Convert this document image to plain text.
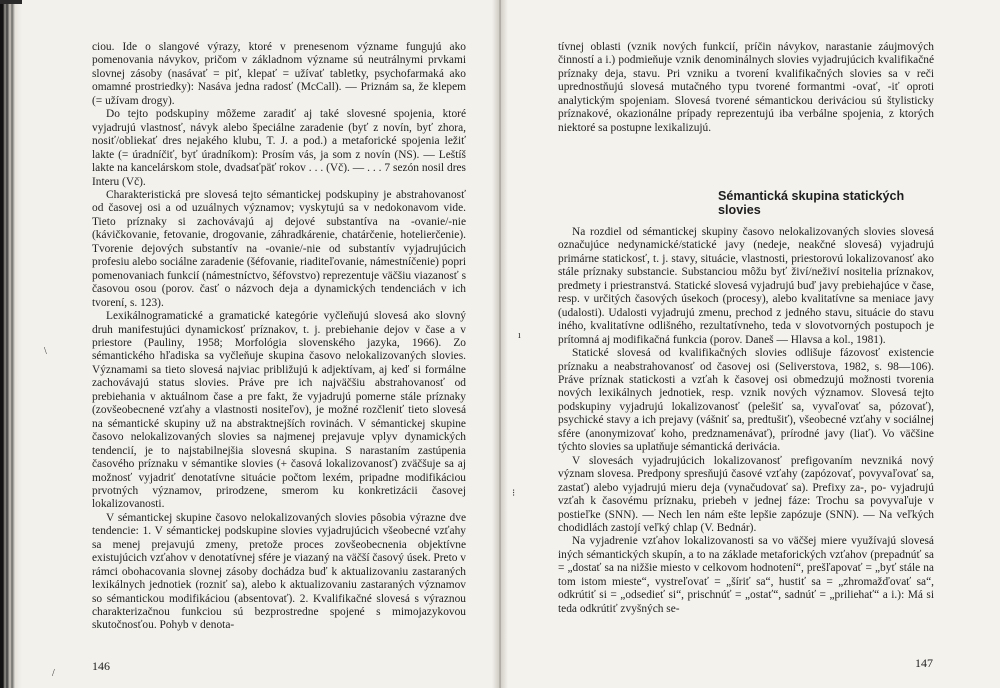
\
/

ciou. Ide o slangové výrazy, ktoré v prenesenom význame fungujú ako pomenovania návykov, pričom v základnom význame sú neutrálnymi prvkami slovnej zásoby (nasávať = piť, klepať = užívať tabletky, psychofarmaká ako omamné prostriedky): Nasáva jedna radosť (McCall). — Priznám sa, že klepem (= užívam drogy).

Do tejto podskupiny môžeme zaradiť aj také slovesné spojenia, ktoré vyjadrujú vlastnosť, návyk alebo špeciálne zaradenie (byť z novín, byť zhora, nosiť/obliekať dres nejakého klubu, T. J. a pod.) a metaforické spojenia ležiť lakte (= úradníčiť, byť úradníkom): Prosím vás, ja som z novín (NS). — Leštíš lakte na kancelárskom stole, dvadsaťpäť rokov . . . (Vč). — . . . 7 sezón nosil dres Interu (Vč).

Charakteristická pre slovesá tejto sémantickej podskupiny je abstrahovanosť od časovej osi a od uzuálnych významov; vyskytujú sa v nedokonavom vide. Tieto príznaky si zachovávajú aj dejové substantíva na -ovanie/-nie (kávičkovanie, fetovanie, drogovanie, záhradkárenie, chatárčenie, hotelierčenie). Tvorenie dejových substantív na -ovanie/-nie od substantív vyjadrujúcich profesiu alebo sociálne zaradenie (šéfovanie, riaditeľovanie, námestníčenie) popri pomenovaniach funkcií (námestníctvo, šéfovstvo) reprezentuje väčšiu viazanosť s časovou osou (porov. časť o názvoch deja a dynamických tendenciách v ich tvorení, s. 123).

Lexikálnogramatické a gramatické kategórie vyčleňujú slovesá ako slovný druh manifestujúci dynamickosť príznakov, t. j. prebiehanie dejov v čase a v priestore (Pauliny, 1958; Morfológia slovenského jazyka, 1966). Zo sémantického hľadiska sa vyčleňuje skupina časovo nelokalizovaných slovies. Významami sa tieto slovesá najviac približujú k adjektívam, aj keď si formálne zachovávajú status slovies. Práve pre ich najväčšiu abstrahovanosť od prebiehania v aktuálnom čase a pre fakt, že vyjadrujú pomerne stále príznaky (zovšeobecnené vzťahy a vlastnosti nositeľov), je možné rozčleniť tieto slovesá na sémantické skupiny už na abstraktnejších rovinách. V sémantickej skupine časovo nelokalizovaných slovies sa najmenej prejavuje vplyv dynamických tendencií, je to najstabilnejšia slovesná skupina. S narastaním zastúpenia časového príznaku v sémantike slovies (+ časová lokalizovanosť) zväčšuje sa aj možnosť vyjadriť denotatívne situácie počtom lexém, pripadne modifikáciou prvotných významov, prirodzene, smerom ku konkretizácii časovej lokalizovanosti.

V sémantickej skupine časovo nelokalizovaných slovies pôsobia výrazne dve tendencie: 1. V sémantickej podskupine slovies vyjadrujúcich všeobecné vzťahy sa menej prejavujú zmeny, pretože proces zovšeobecnenia objektívne existujúcich vzťahov v denotatívnej sfére je viazaný na väčší časový úsek. Preto v rámci obohacovania slovnej zásoby dochádza buď k aktualizovaniu zastaraných lexikálnych jednotiek (rozniť sa), alebo k aktualizovaniu zastaraných významov so sémantickou modifikáciou (absentovať). 2. Kvalifikačné slovesá s výraznou charakterizačnou funkciou sú bezprostredne spojené s mimojazykovou skutočnosťou. Pohyb v denota-

146
ı
⁝

tívnej oblasti (vznik nových funkcií, príčin návykov, narastanie záujmových činností a i.) podmieňuje vznik denominálnych slovies vyjadrujúcich kvalifikačné príznaky deja, stavu. Pri vzniku a tvorení kvalifikačných slovies sa v reči uprednostňujú slovesá mutačného typu tvorené formantmi -ovať, -iť oproti analytickým spojeniam. Slovesá tvorené sémantickou deriváciou sú štylisticky príznakové, okazionálne prípady reprezentujú iba verbálne spojenia, z ktorých niektoré sa postupne lexikalizujú.

Sémantická skupina statických slovies

Na rozdiel od sémantickej skupiny časovo nelokalizovaných slovies slovesá označujúce nedynamické/statické javy (nedeje, neakčné slovesá) vyjadrujú primárne statickosť, t. j. stavy, situácie, vlastnosti, priestorovú lokalizovanosť ako stále príznaky substancie. Substanciou môžu byť živí/neživí nositelia príznakov, predmety i priestranstvá. Statické slovesá vyjadrujú buď javy prebiehajúce v čase, resp. v určitých časových úsekoch (procesy), alebo kvalitatívne sa meniace javy (udalosti). Udalosti vyjadrujú zmenu, prechod z jedného stavu, situácie do stavu iného, kvalitatívne odlišného, rezultatívneho, teda v slovotvorných postupoch je prítomná aj modifikačná funkcia (porov. Daneš — Hlavsa a kol., 1981).

Statické slovesá od kvalifikačných slovies odlišuje fázovosť existencie príznaku a neabstrahovanosť od časovej osi (Seliverstova, 1982, s. 98—106). Práve príznak statickosti a vzťah k časovej osi obmedzujú možnosti tvorenia nových lexikálnych jednotiek, resp. vznik nových významov. Slovesá tejto podskupiny vyjadrujú lokalizovanosť (pelešiť sa, vyvaľovať sa, pózovať), psychické stavy a ich prejavy (vášniť sa, predtušiť), všeobecné vzťahy v sociálnej sfére (anonymizovať koho, predznamenávať), prírodné javy (liať). Vo väčšine týchto slovies sa uplatňuje sémantická derivácia.

V slovesách vyjadrujúcich lokalizovanosť prefigovaním nevzniká nový význam slovesa. Predpony spresňujú časové vzťahy (zapózovať, povyvaľovať sa, zastať) alebo vyjadrujú mieru deja (vynačudovať sa). Prefixy za-, po- vyjadrujú vzťah k časovému príznaku, priebeh v jednej fáze: Trochu sa povyvaľuje v postieľke (SNN). — Nech len nám ešte lepšie zapózuje (SNN). — Na veľkých chodidlách zastojí veľký chlap (V. Bednár).

Na vyjadrenie vzťahov lokalizovanosti sa vo väčšej miere využívajú slovesá iných sémantických skupín, a to na základe metaforických vzťahov (prepadnúť sa = „dostať sa na nižšie miesto v celkovom hodnotení“, prešľapovať = „byť stále na tom istom mieste“, vystreľovať = „šíriť sa“, hustiť sa = „zhromažďovať sa“, odkrútiť si = „odsedieť si“, prischnúť = „ostať“, sadnúť = „priliehať“ a i.): Má si teda odkrútiť zvyšných se-

147
